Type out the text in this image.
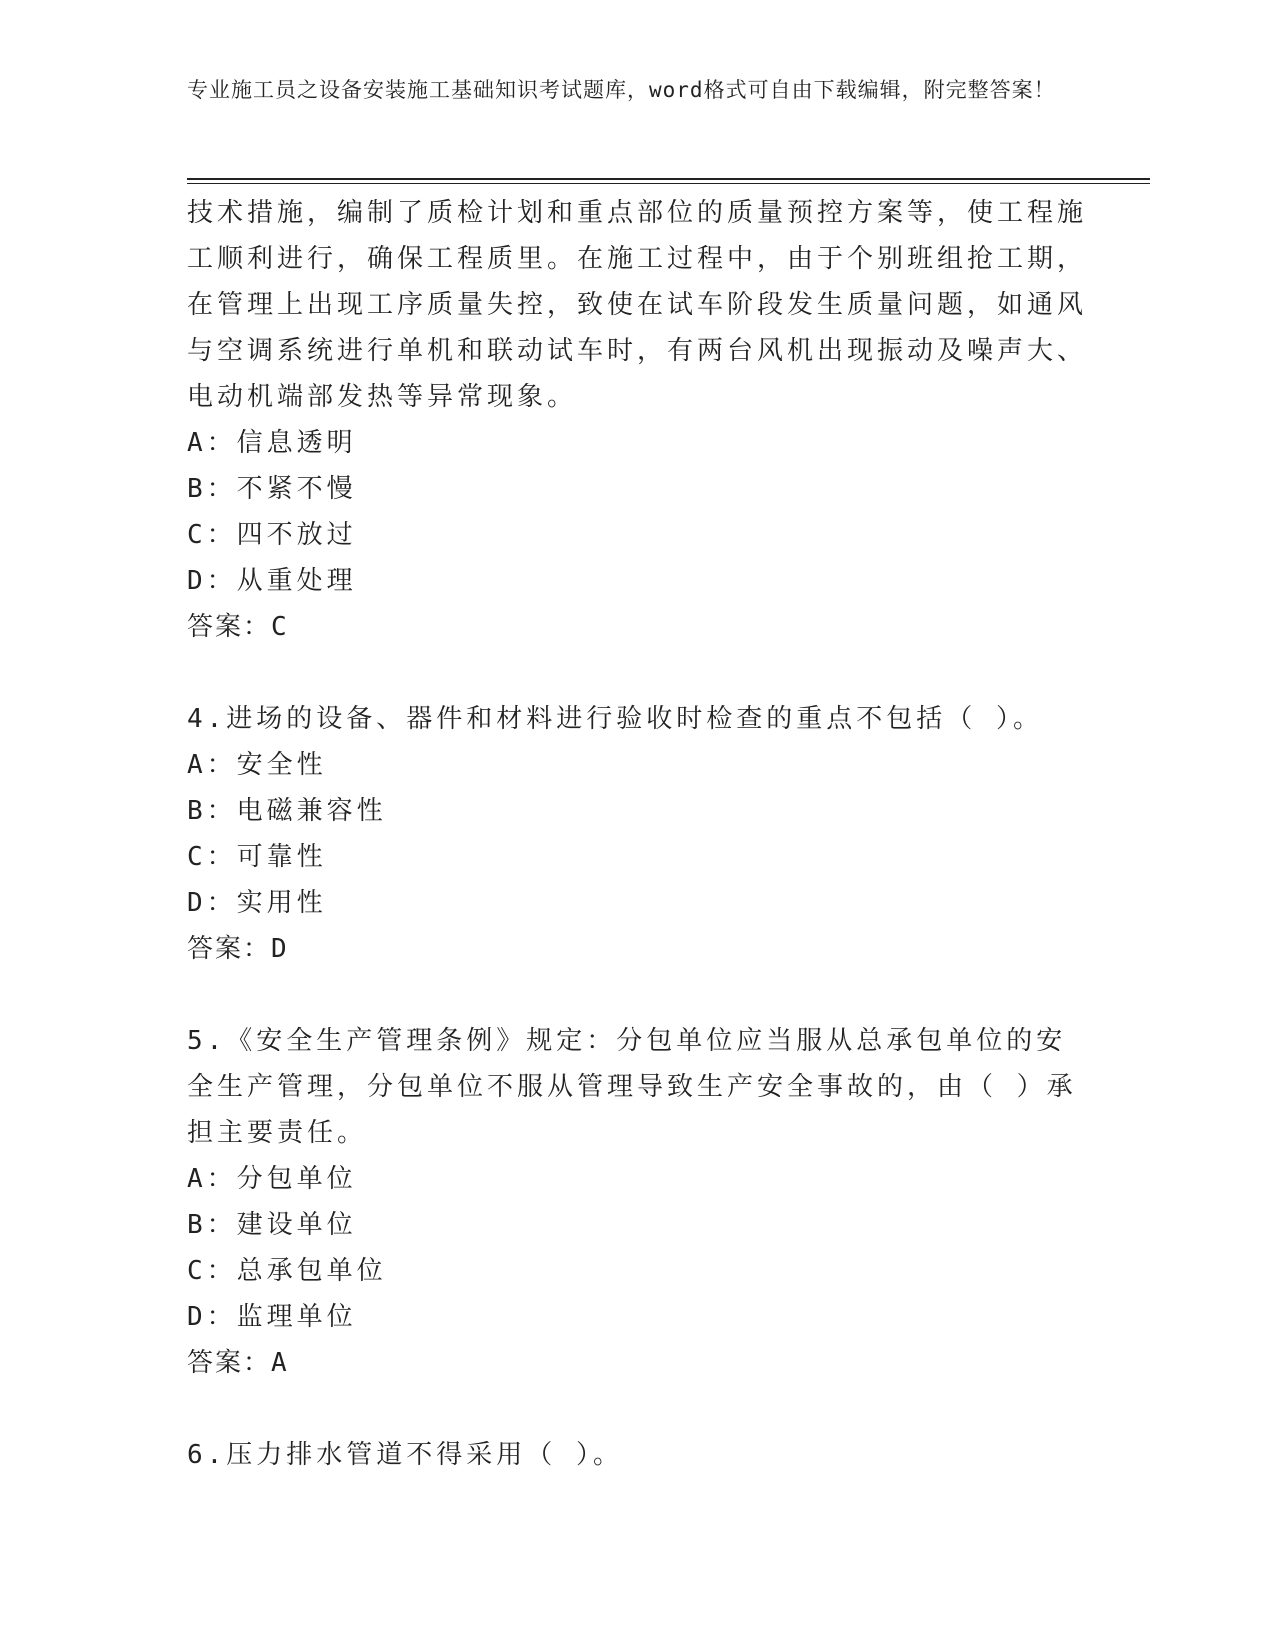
专业施工员之设备安装施工基础知识考试题库，word格式可自由下载编辑，附完整答案！
技术措施，编制了质检计划和重点部位的质量预控方案等，使工程施工顺利进行，确保工程质里。在施工过程中，由于个别班组抢工期，在管理上出现工序质量失控，致使在试车阶段发生质量问题，如通风与空调系统进行单机和联动试车时，有两台风机出现振动及噪声大、电动机端部发热等异常现象。
A：信息透明
B：不紧不慢
C：四不放过
D：从重处理
答案：C
4.进场的设备、器件和材料进行验收时检查的重点不包括（ ）。
A：安全性
B：电磁兼容性
C：可靠性
D：实用性
答案：D
5.《安全生产管理条例》规定：分包单位应当服从总承包单位的安全生产管理，分包单位不服从管理导致生产安全事故的，由（ ）承担主要责任。
A：分包单位
B：建设单位
C：总承包单位
D：监理单位
答案：A
6.压力排水管道不得采用（ ）。
